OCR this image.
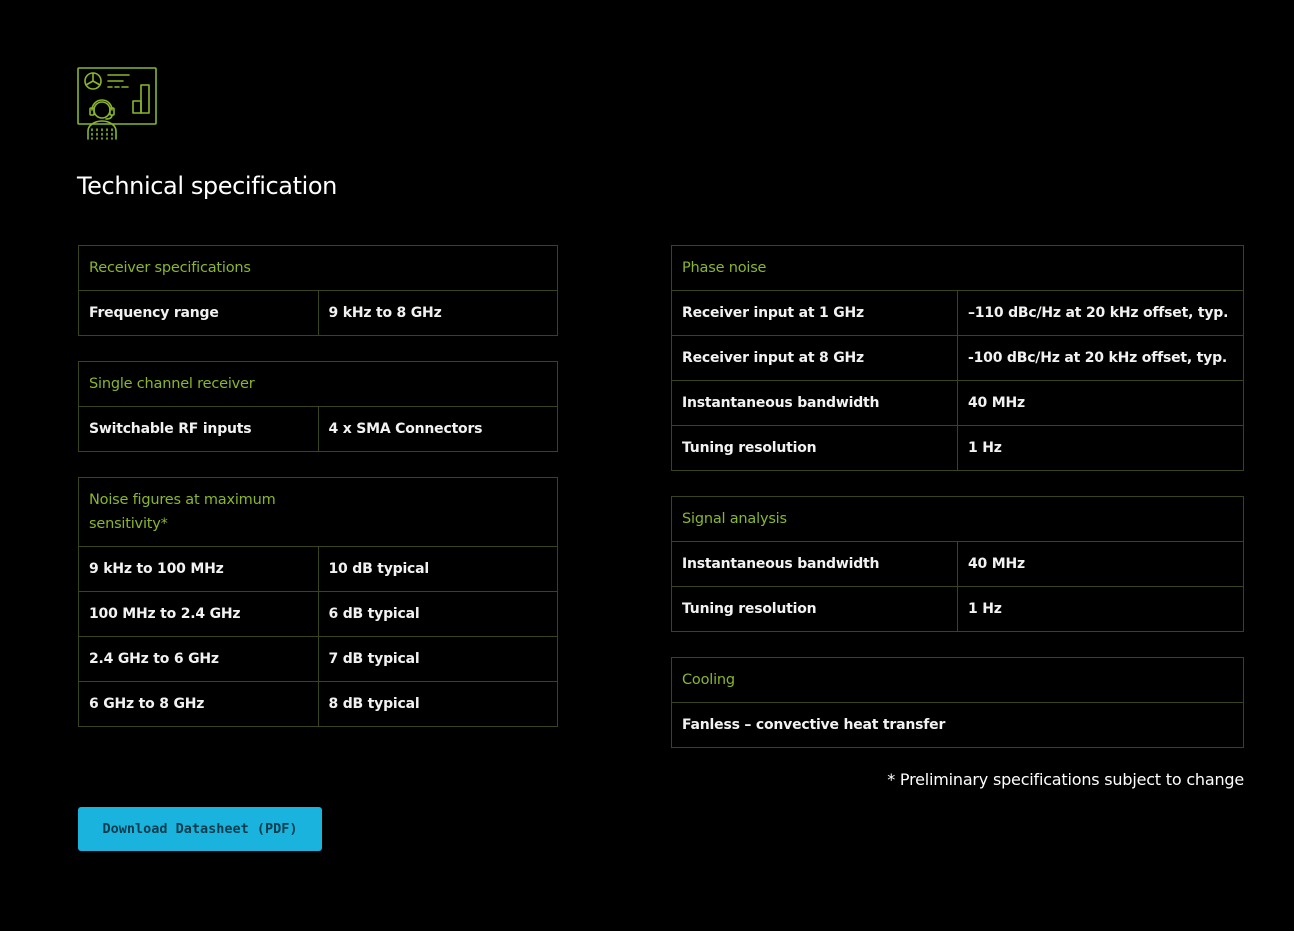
Technical specification
Receiver specifications
Frequency range	9 kHz to 8 GHz
Single channel receiver
Switchable RF inputs	4 x SMA Connectors
Noise figures at maximum sensitivity*	
9 kHz to 100 MHz	10 dB typical
100 MHz to 2.4 GHz	6 dB typical
2.4 GHz to 6 GHz	7 dB typical
6 GHz to 8 GHz	8 dB typical
Phase noise	
Receiver input at 1 GHz	–110 dBc/Hz at 20 kHz offset, typ.
Receiver input at 8 GHz	-100 dBc/Hz at 20 kHz offset, typ.
Instantaneous bandwidth	40 MHz
Tuning resolution	1 Hz
Signal analysis	
Instantaneous bandwidth	40 MHz
Tuning resolution	1 Hz
Cooling
Fanless – convective heat transfer
* Preliminary specifications subject to change
Download Datasheet (PDF)
